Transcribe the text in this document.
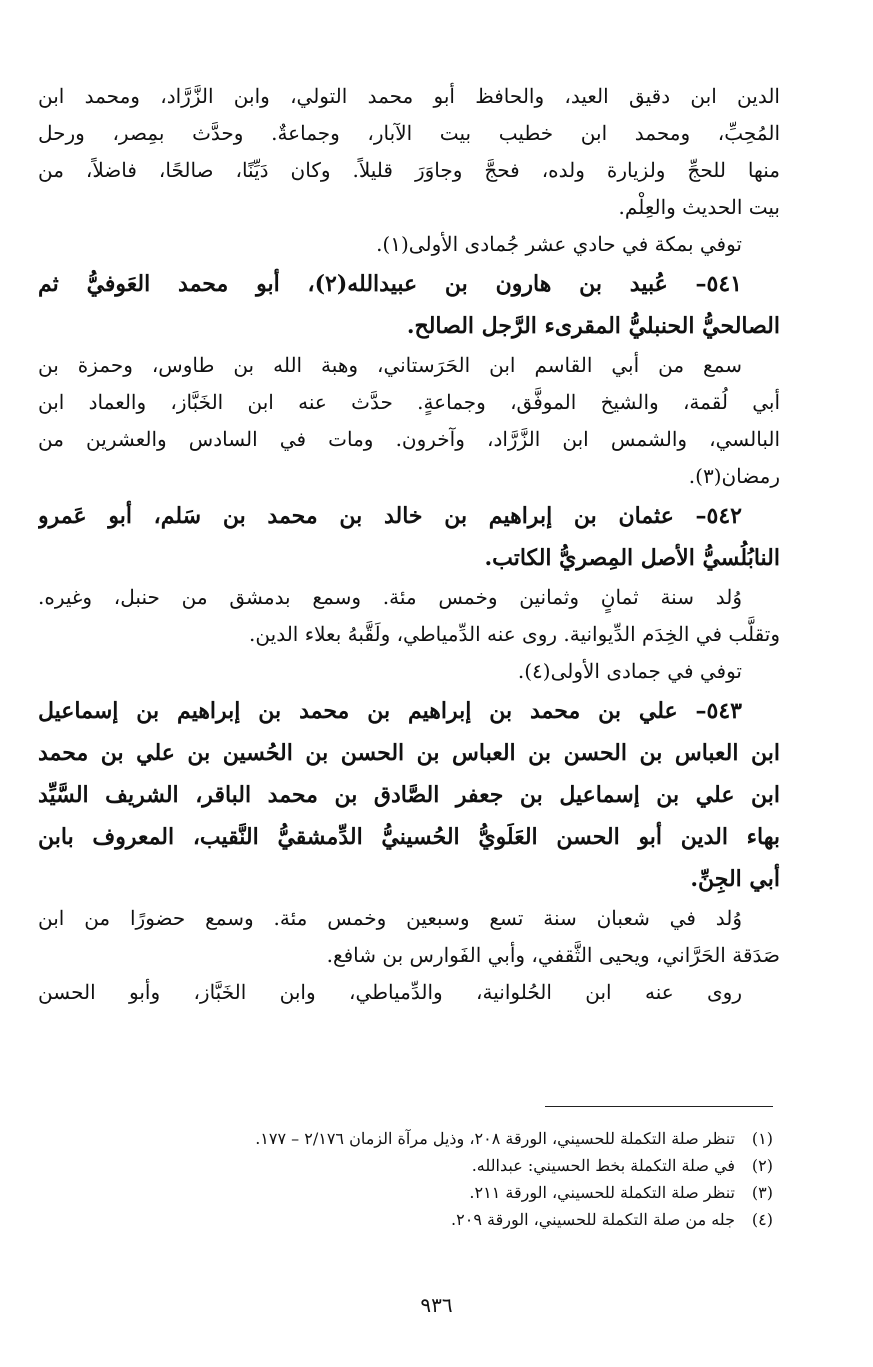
الدين ابن دقيق العيد، والحافظ أبو محمد التولي، وابن الزَّرَّاد، ومحمد ابن
المُحِبِّ، ومحمد ابن خطيب بيت الآبار، وجماعةٌ. وحدَّث بمِصر، ورحل
منها للحجِّ ولزيارة ولده، فحجَّ وجاوَرَ قليلاً. وكان دَيِّنًا، صالحًا، فاضلاً، من
بيت الحديث والعِلْم.
توفي بمكة في حادي عشر جُمادى الأولى(١).
٥٤١– عُبيد بن هارون بن عبيدالله(٢)، أبو محمد العَوفيُّ ثم
الصالحيُّ الحنبليُّ المقرىء الرَّجل الصالح.
سمع من أبي القاسم ابن الحَرَستاني، وهبة الله بن طاوس، وحمزة بن
أبي لُقمة، والشيخ الموفَّق، وجماعةٍ. حدَّث عنه ابن الخَبَّاز، والعماد ابن
البالسي، والشمس ابن الزَّرَّاد، وآخرون. ومات في السادس والعشرين من
رمضان(٣).
٥٤٢– عثمان بن إبراهيم بن خالد بن محمد بن سَلم، أبو عَمرو
النابُلُسيُّ الأصل المِصريُّ الكاتب.
وُلد سنة ثمانٍ وثمانين وخمس مئة. وسمع بدمشق من حنبل، وغيره.
وتقلَّب في الخِدَم الدِّيوانية. روى عنه الدِّمياطي، ولَقَّبهُ بعلاء الدين.
توفي في جمادى الأولى(٤).
٥٤٣– علي بن محمد بن إبراهيم بن محمد بن إبراهيم بن إسماعيل
ابن العباس بن الحسن بن العباس بن الحسن بن الحُسين بن علي بن محمد
ابن علي بن إسماعيل بن جعفر الصَّادق بن محمد الباقر، الشريف السَّيِّد
بهاء الدين أبو الحسن العَلَويُّ الحُسينيُّ الدِّمشقيُّ النَّقيب، المعروف بابن
أبي الجِنِّ.
وُلد في شعبان سنة تسع وسبعين وخمس مئة. وسمع حضورًا من ابن
صَدَقة الحَرَّاني، ويحيى الثَّقفي، وأبي الفَوارس بن شافع.
روى عنه ابن الحُلوانية، والدِّمياطي، وابن الخَبَّاز، وأبو الحسن
(١)تنظر صلة التكملة للحسيني، الورقة ٢٠٨، وذيل مرآة الزمان ٢/١٧٦ – ١٧٧.
(٢)في صلة التكملة بخط الحسيني: عبدالله.
(٣)تنظر صلة التكملة للحسيني، الورقة ٢١١.
(٤)جله من صلة التكملة للحسيني، الورقة ٢٠٩.
٩٣٦
